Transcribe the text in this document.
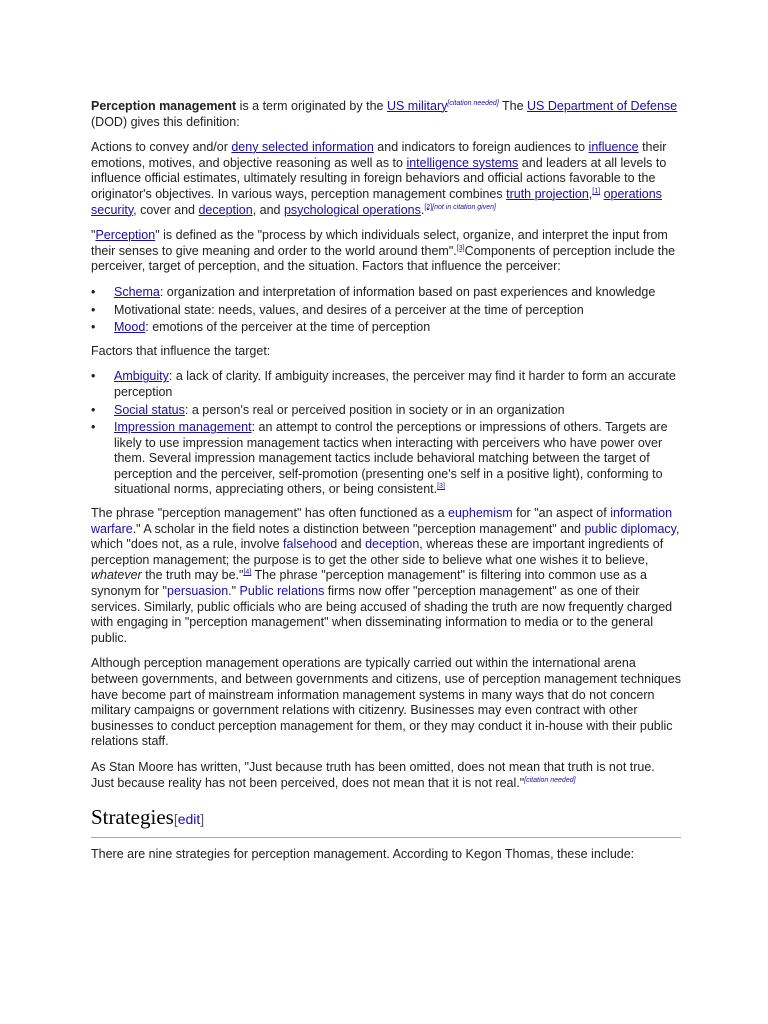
Perception management is a term originated by the US military[citation needed] The US Department of Defense (DOD) gives this definition:

Actions to convey and/or deny selected information and indicators to foreign audiences to influence their emotions, motives, and objective reasoning as well as to intelligence systems and leaders at all levels to influence official estimates, ultimately resulting in foreign behaviors and official actions favorable to the originator's objectives. In various ways, perception management combines truth projection,[1] operations security, cover and deception, and psychological operations.[2][not in citation given]

"Perception" is defined as the "process by which individuals select, organize, and interpret the input from their senses to give meaning and order to the world around them".[3]Components of perception include the perceiver, target of perception, and the situation. Factors that influence the perceiver:

• Schema: organization and interpretation of information based on past experiences and knowledge
• Motivational state: needs, values, and desires of a perceiver at the time of perception
• Mood: emotions of the perceiver at the time of perception

Factors that influence the target:

• Ambiguity: a lack of clarity. If ambiguity increases, the perceiver may find it harder to form an accurate perception
• Social status: a person's real or perceived position in society or in an organization
• Impression management: an attempt to control the perceptions or impressions of others. Targets are likely to use impression management tactics when interacting with perceivers who have power over them. Several impression management tactics include behavioral matching between the target of perception and the perceiver, self-promotion (presenting one's self in a positive light), conforming to situational norms, appreciating others, or being consistent.[3]

The phrase "perception management" has often functioned as a euphemism for "an aspect of information warfare." A scholar in the field notes a distinction between "perception management" and public diplomacy, which "does not, as a rule, involve falsehood and deception, whereas these are important ingredients of perception management; the purpose is to get the other side to believe what one wishes it to believe, whatever the truth may be."[4] The phrase "perception management" is filtering into common use as a synonym for "persuasion." Public relations firms now offer "perception management" as one of their services. Similarly, public officials who are being accused of shading the truth are now frequently charged with engaging in "perception management" when disseminating information to media or to the general public.

Although perception management operations are typically carried out within the international arena between governments, and between governments and citizens, use of perception management techniques have become part of mainstream information management systems in many ways that do not concern military campaigns or government relations with citizenry. Businesses may even contract with other businesses to conduct perception management for them, or they may conduct it in-house with their public relations staff.

As Stan Moore has written, "Just because truth has been omitted, does not mean that truth is not true. Just because reality has not been perceived, does not mean that it is not real."[citation needed]

Strategies[edit]

There are nine strategies for perception management. According to Kegon Thomas, these include:
